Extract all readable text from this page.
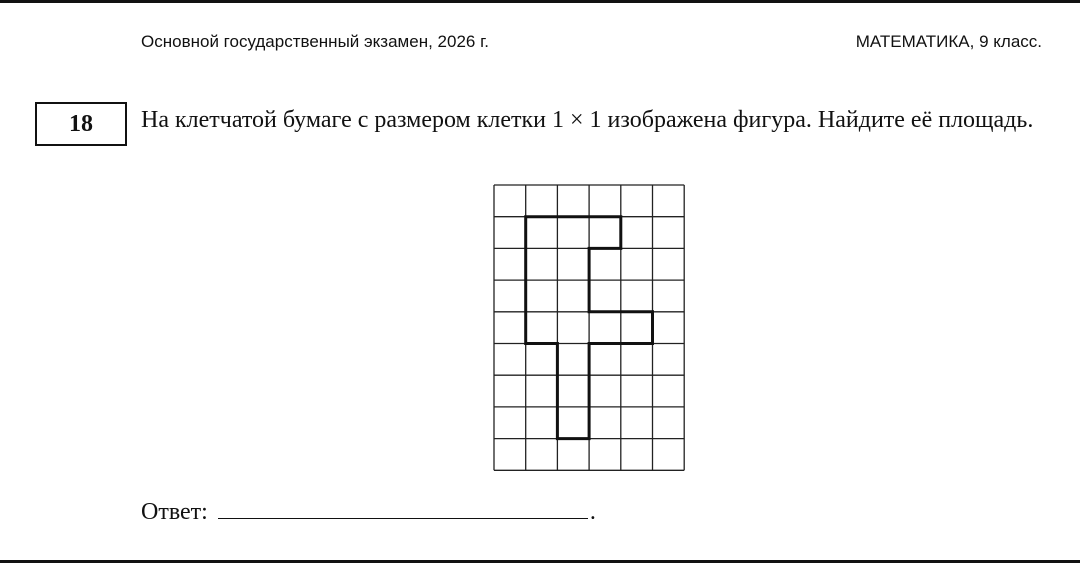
Основной государственный экзамен, 2026 г.	МАТЕМАТИКА, 9 класс.
18	На клетчатой бумаге с размером клетки 1 × 1 изображена фигура. Найдите её площадь.
Ответ:	.
